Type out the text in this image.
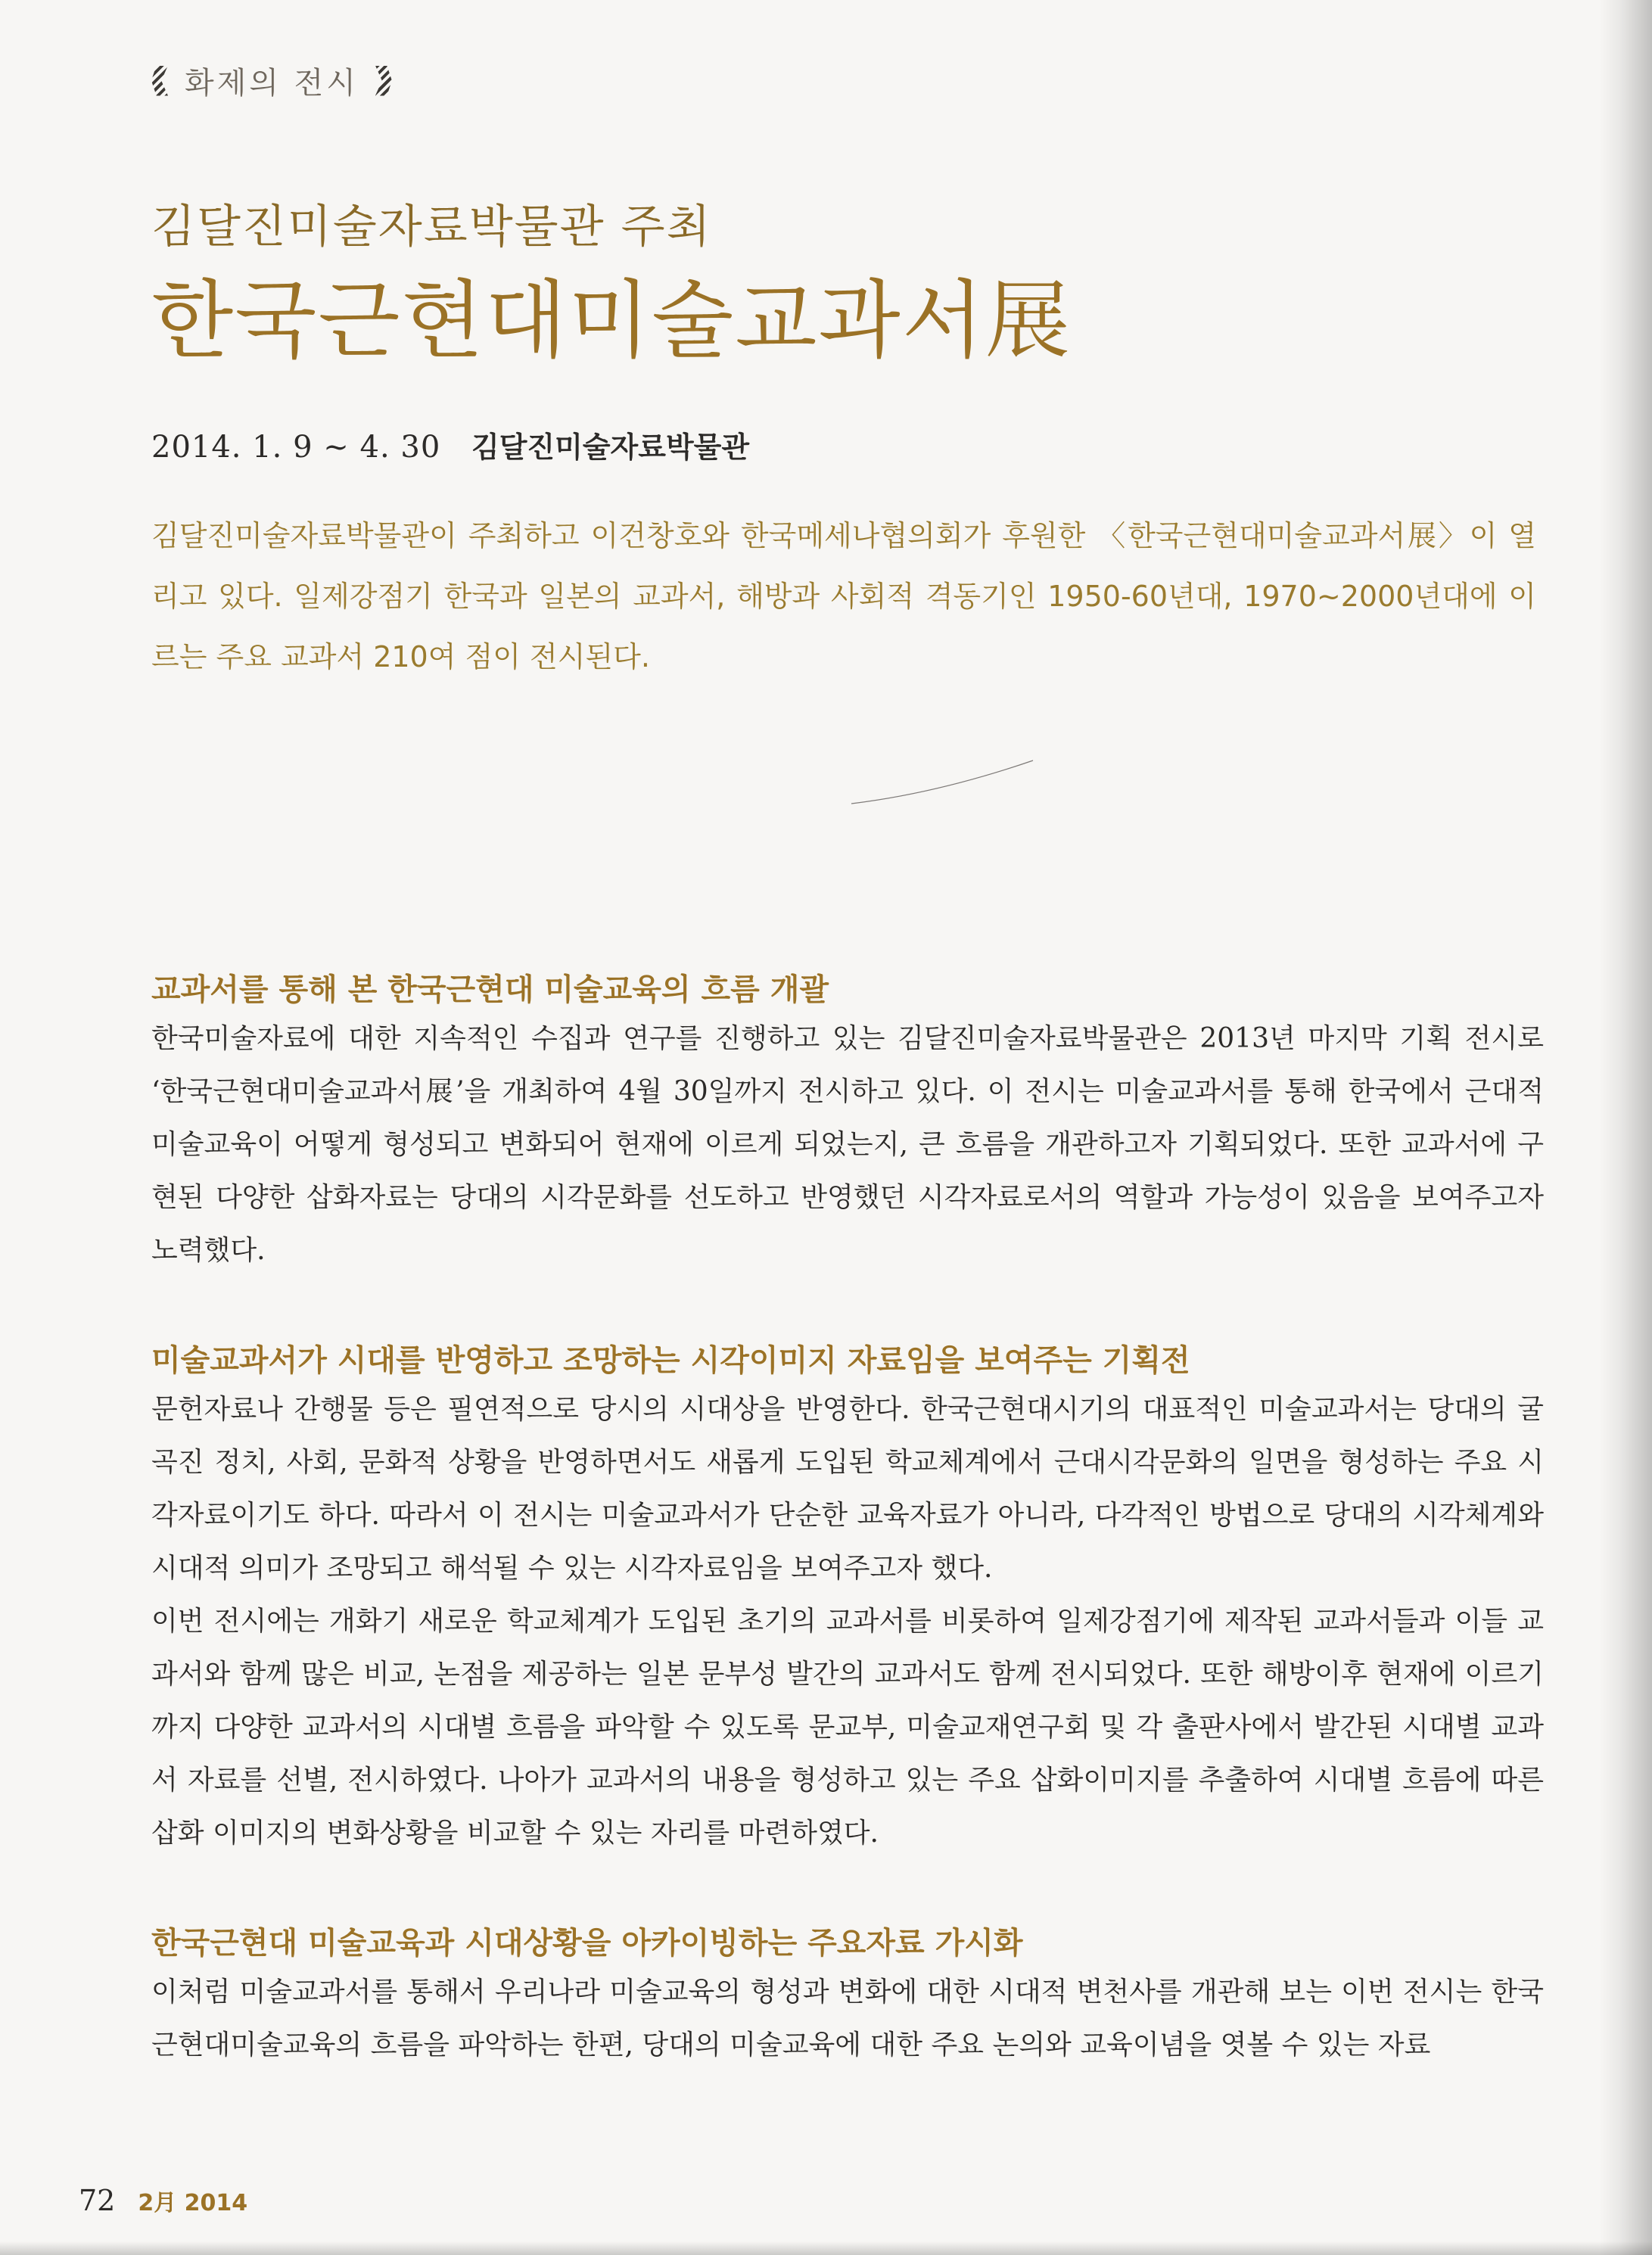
화제의 전시
김달진미술자료박물관 주최
한국근현대미술교과서展
2014. 1. 9 ~ 4. 30 김달진미술자료박물관
김달진미술자료박물관이 주최하고 이건창호와 한국메세나협의회가 후원한 〈한국근현대미술교과서展〉이 열리고 있다. 일제강점기 한국과 일본의 교과서, 해방과 사회적 격동기인 1950-60년대, 1970~2000년대에 이르는 주요 교과서 210여 점이 전시된다.
교과서를 통해 본 한국근현대 미술교육의 흐름 개괄

한국미술자료에 대한 지속적인 수집과 연구를 진행하고 있는 김달진미술자료박물관은 2013년 마지막 기획 전시로 ‘한국근현대미술교과서展’을 개최하여 4월 30일까지 전시하고 있다. 이 전시는 미술교과서를 통해 한국에서 근대적 미술교육이 어떻게 형성되고 변화되어 현재에 이르게 되었는지, 큰 흐름을 개관하고자 기획되었다. 또한 교과서에 구현된 다양한 삽화자료는 당대의 시각문화를 선도하고 반영했던 시각자료로서의 역할과 가능성이 있음을 보여주고자 노력했다.

미술교과서가 시대를 반영하고 조망하는 시각이미지 자료임을 보여주는 기획전

문헌자료나 간행물 등은 필연적으로 당시의 시대상을 반영한다. 한국근현대시기의 대표적인 미술교과서는 당대의 굴곡진 정치, 사회, 문화적 상황을 반영하면서도 새롭게 도입된 학교체계에서 근대시각문화의 일면을 형성하는 주요 시각자료이기도 하다. 따라서 이 전시는 미술교과서가 단순한 교육자료가 아니라, 다각적인 방법으로 당대의 시각체계와 시대적 의미가 조망되고 해석될 수 있는 시각자료임을 보여주고자 했다.

이번 전시에는 개화기 새로운 학교체계가 도입된 초기의 교과서를 비롯하여 일제강점기에 제작된 교과서들과 이들 교과서와 함께 많은 비교, 논점을 제공하는 일본 문부성 발간의 교과서도 함께 전시되었다. 또한 해방이후 현재에 이르기까지 다양한 교과서의 시대별 흐름을 파악할 수 있도록 문교부, 미술교재연구회 및 각 출판사에서 발간된 시대별 교과서 자료를 선별, 전시하였다. 나아가 교과서의 내용을 형성하고 있는 주요 삽화이미지를 추출하여 시대별 흐름에 따른 삽화 이미지의 변화상황을 비교할 수 있는 자리를 마련하였다.

한국근현대 미술교육과 시대상황을 아카이빙하는 주요자료 가시화

이처럼 미술교과서를 통해서 우리나라 미술교육의 형성과 변화에 대한 시대적 변천사를 개관해 보는 이번 전시는 한국근현대미술교육의 흐름을 파악하는 한편, 당대의 미술교육에 대한 주요 논의와 교육이념을 엿볼 수 있는 자료

72 2月 2014
